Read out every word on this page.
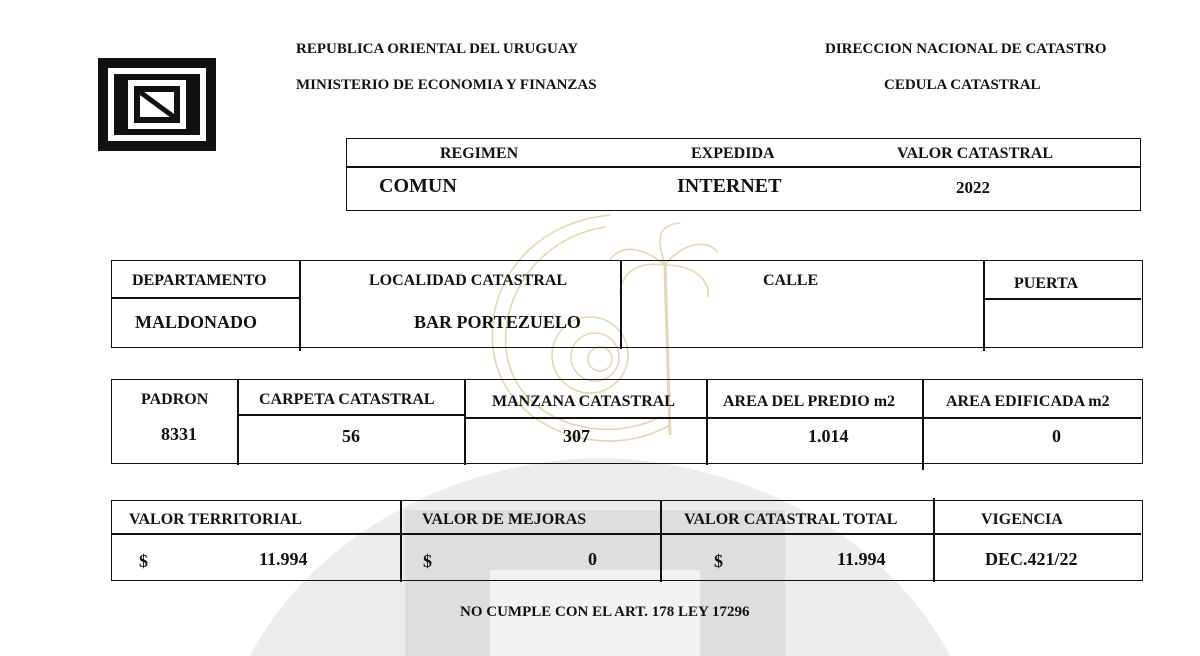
REPUBLICA ORIENTAL DEL URUGUAY
MINISTERIO DE ECONOMIA Y FINANZAS
DIRECCION NACIONAL DE CATASTRO
CEDULA CATASTRAL
REGIMEN	EXPEDIDA	VALOR CATASTRAL
COMUN	INTERNET	2022
DEPARTAMENTO	LOCALIDAD CATASTRAL	CALLE	PUERTA
MALDONADO	BAR PORTEZUELO
PADRON	CARPETA CATASTRAL	MANZANA CATASTRAL	AREA DEL PREDIO m2	AREA EDIFICADA m2
8331	56	307	1.014	0
VALOR TERRITORIAL	VALOR DE MEJORAS	VALOR CATASTRAL TOTAL	VIGENCIA
$	11.994	$	0	$	11.994	DEC.421/22
NO CUMPLE CON EL ART. 178 LEY 17296
